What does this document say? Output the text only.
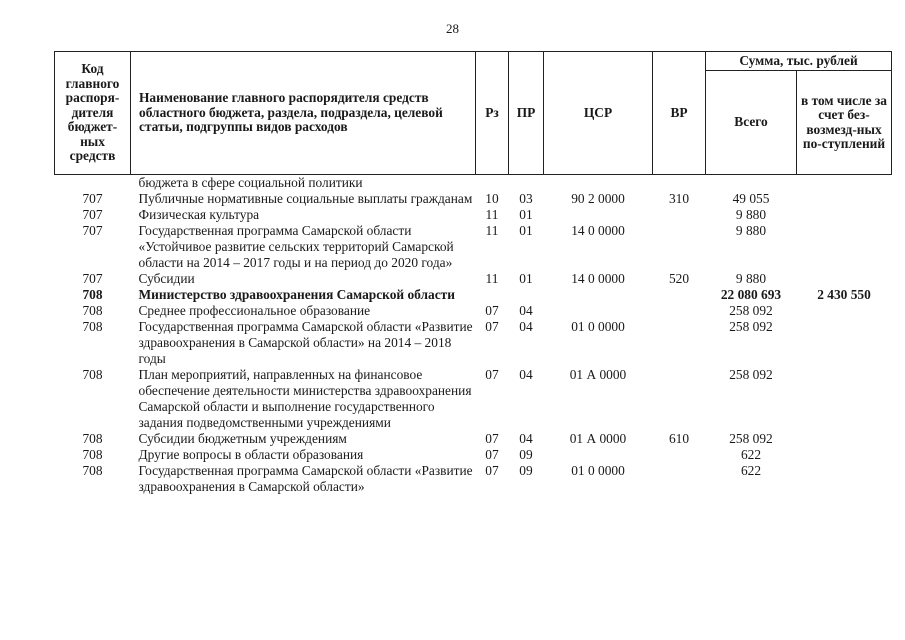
28
Код главного распоря-дителя бюджет-ных средств	Наименование главного распорядителя средств областного бюджета, раздела, подраздела, целевой статьи, подгруппы видов расходов	Рз	ПР	ЦСР	ВР	Сумма, тыс. рублей	
						Всего	в том числе за счет без-возмезд-ных по-ступлений
	бюджета в сфере социальной политики						
707	Публичные нормативные социальные выплаты гражданам	10	03	90 2 0000	310	49 055	
707	Физическая культура	11	01			9 880	
707	Государственная программа Самарской области «Устойчивое развитие сельских территорий Самарской области на 2014 – 2017 годы и на период до 2020 года»	11	01	14 0 0000		9 880	
707	Субсидии	11	01	14 0 0000	520	9 880	
708	Министерство здравоохранения Самарской области					22 080 693	2 430 550
708	Среднее профессиональное образование	07	04			258 092	
708	Государственная программа Самарской области «Развитие здравоохранения в Самарской области» на 2014 – 2018 годы	07	04	01 0 0000		258 092	
708	План мероприятий, направленных на финансовое обеспечение деятельности министерства здравоохранения Самарской области и выполнение государственного задания подведомственными учреждениями	07	04	01 А 0000		258 092	
708	Субсидии бюджетным учреждениям	07	04	01 А 0000	610	258 092	
708	Другие вопросы в области образования	07	09			622	
708	Государственная программа Самарской области «Развитие здравоохранения в Самарской области»	07	09	01 0 0000		622	
